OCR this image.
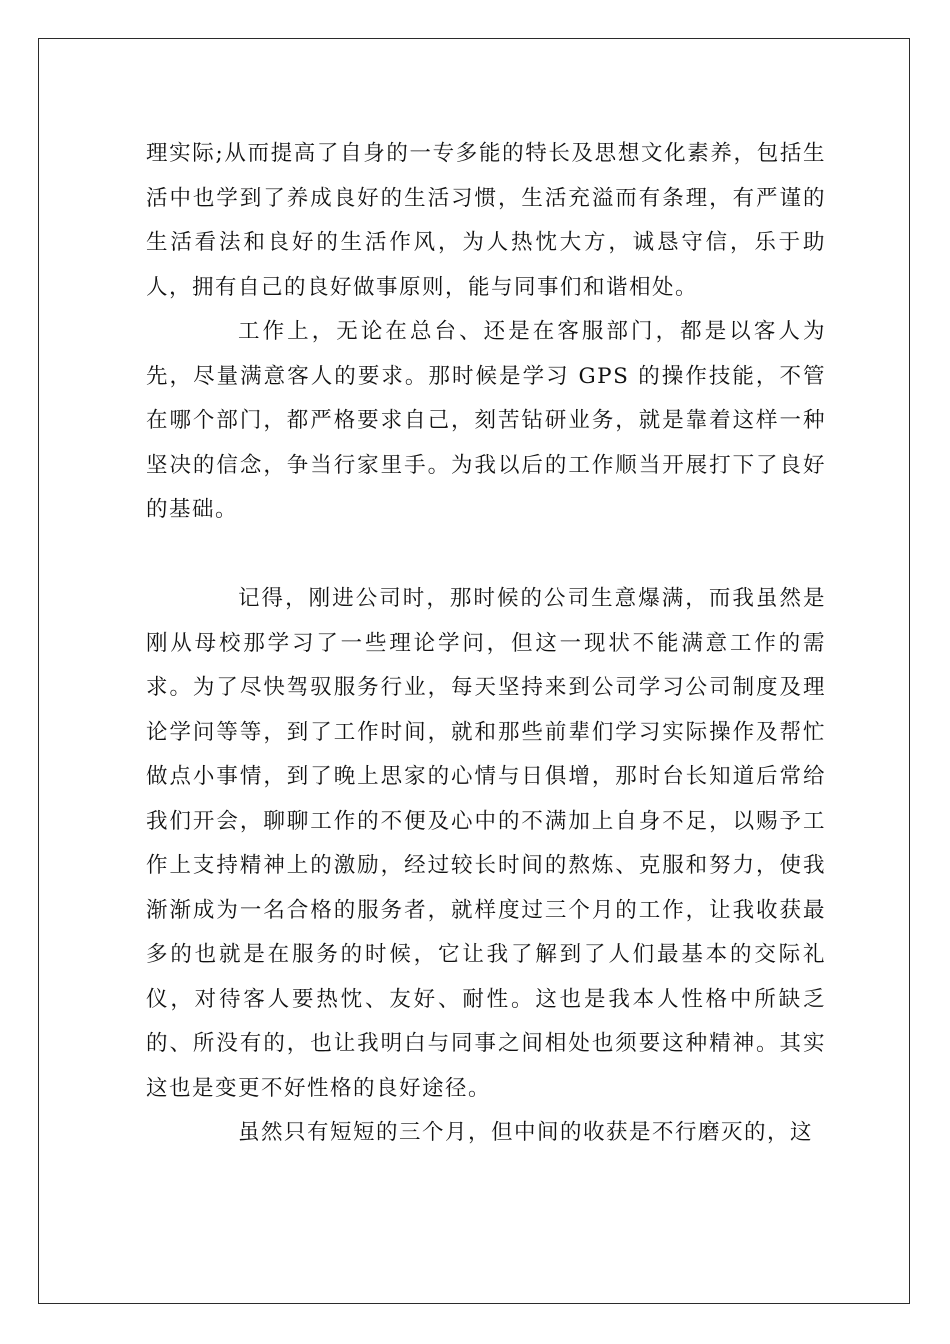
理实际;从而提高了自身的一专多能的特长及思想文化素养，包括生活中也学到了养成良好的生活习惯，生活充溢而有条理，有严谨的生活看法和良好的生活作风，为人热忱大方，诚恳守信，乐于助人，拥有自己的良好做事原则，能与同事们和谐相处。

工作上，无论在总台、还是在客服部门，都是以客人为先，尽量满意客人的要求。那时候是学习 GPS 的操作技能，不管在哪个部门，都严格要求自己，刻苦钻研业务，就是靠着这样一种坚决的信念，争当行家里手。为我以后的工作顺当开展打下了良好的基础。

记得，刚进公司时，那时候的公司生意爆满，而我虽然是刚从母校那学习了一些理论学问，但这一现状不能满意工作的需求。为了尽快驾驭服务行业，每天坚持来到公司学习公司制度及理论学问等等，到了工作时间，就和那些前辈们学习实际操作及帮忙做点小事情，到了晚上思家的心情与日俱增，那时台长知道后常给我们开会，聊聊工作的不便及心中的不满加上自身不足，以赐予工作上支持精神上的激励，经过较长时间的熬炼、克服和努力，使我渐渐成为一名合格的服务者，就样度过三个月的工作，让我收获最多的也就是在服务的时候，它让我了解到了人们最基本的交际礼仪，对待客人要热忱、友好、耐性。这也是我本人性格中所缺乏的、所没有的，也让我明白与同事之间相处也须要这种精神。其实这也是变更不好性格的良好途径。

虽然只有短短的三个月，但中间的收获是不行磨灭的，这
